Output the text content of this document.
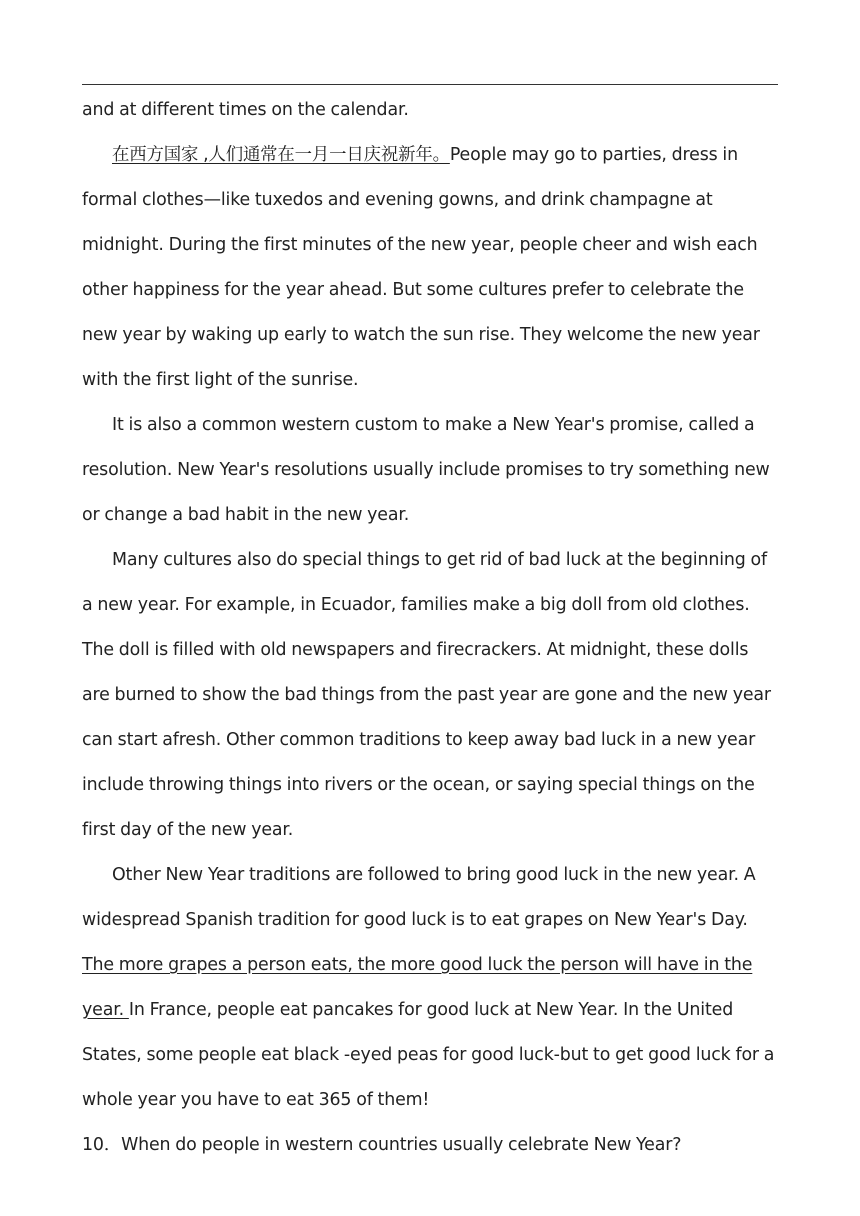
and at different times on the calendar.

在西方国家 ,人们通常在一月一日庆祝新年。People may go to parties, dress in formal clothes—like tuxedos and evening gowns, and drink champagne at midnight. During the first minutes of the new year, people cheer and wish each other happiness for the year ahead. But some cultures prefer to celebrate the new year by waking up early to watch the sun rise. They welcome the new year with the first light of the sunrise.

It is also a common western custom to make a New Year's promise, called a resolution. New Year's resolutions usually include promises to try something new or change a bad habit in the new year.

Many cultures also do special things to get rid of bad luck at the beginning of a new year. For example, in Ecuador, families make a big doll from old clothes. The doll is filled with old newspapers and firecrackers. At midnight, these dolls are burned to show the bad things from the past year are gone and the new year can start afresh. Other common traditions to keep away bad luck in a new year include throwing things into rivers or the ocean, or saying special things on the first day of the new year.

Other New Year traditions are followed to bring good luck in the new year. A widespread Spanish tradition for good luck is to eat grapes on New Year's Day. The more grapes a person eats, the more good luck the person will have in the year. In France, people eat pancakes for good luck at New Year. In the United States, some people eat black -eyed peas for good luck-but to get good luck for a whole year you have to eat 365 of them!

10．When do people in western countries usually celebrate New Year?
